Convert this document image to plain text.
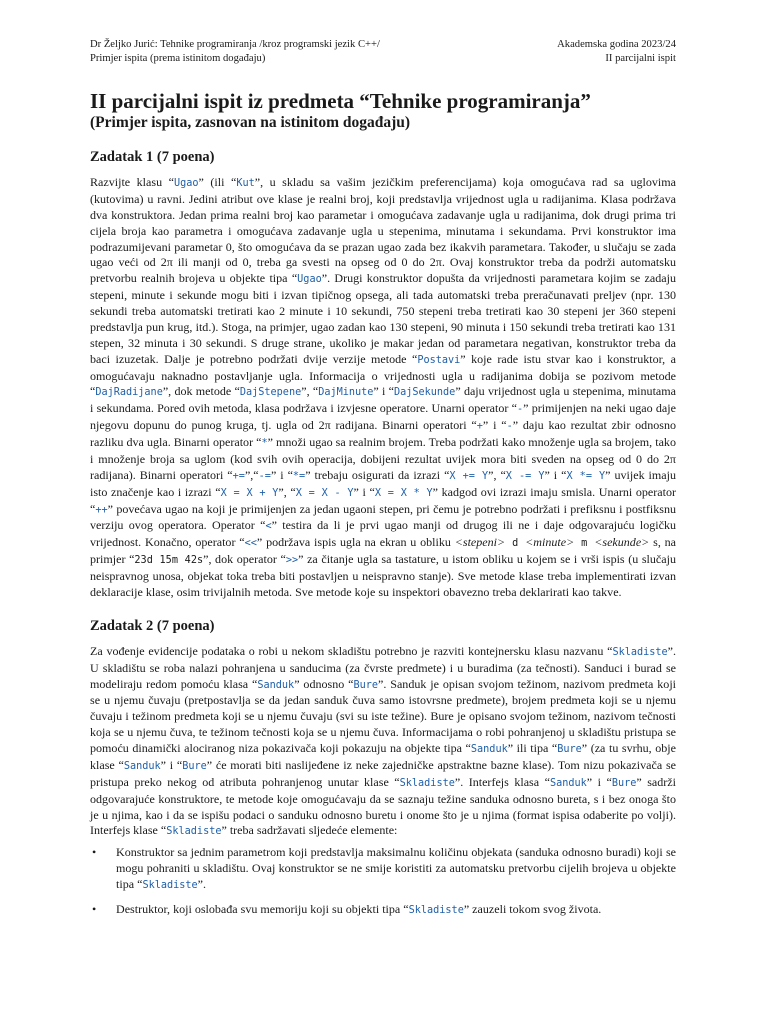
Dr Željko Jurić: Tehnike programiranja /kroz programski jezik C++/
Primjer ispita (prema istinitom događaju)
Akademska godina 2023/24
II parcijalni ispit
II parcijalni ispit iz predmeta “Tehnike programiranja”
(Primjer ispita, zasnovan na istinitom događaju)
Zadatak 1 (7 poena)

Razvijte klasu “Ugao” (ili “Kut”, u skladu sa vašim jezičkim preferencijama) koja omogućava rad sa uglovima (kutovima) u ravni. Jedini atribut ove klase je realni broj, koji predstavlja vrijednost ugla u radijanima. Klasa podržava dva konstruktora. Jedan prima realni broj kao parametar i omogućava zadavanje ugla u radijanima, dok drugi prima tri cijela broja kao parametra i omogućava zadavanje ugla u stepenima, minutama i sekundama. Prvi konstruktor ima podrazumijevani parametar 0, što omogućava da se prazan ugao zada bez ikakvih parametara. Također, u slučaju se zada ugao veći od 2π ili manji od 0, treba ga svesti na opseg od 0 do 2π. Ovaj konstruktor treba da podrži automatsku pretvorbu realnih brojeva u objekte tipa “Ugao”. Drugi konstruktor dopušta da vrijednosti parametara kojim se zadaju stepeni, minute i sekunde mogu biti i izvan tipičnog opsega, ali tada automatski treba preračunavati preljev (npr. 130 sekundi treba automatski tretirati kao 2 minute i 10 sekundi, 750 stepeni treba tretirati kao 30 stepeni jer 360 stepeni predstavlja pun krug, itd.). Stoga, na primjer, ugao zadan kao 130 stepeni, 90 minuta i 150 sekundi treba tretirati kao 131 stepen, 32 minuta i 30 sekundi. S druge strane, ukoliko je makar jedan od parametara negativan, konstruktor treba da baci izuzetak. Dalje je potrebno podržati dvije verzije metode “Postavi” koje rade istu stvar kao i konstruktor, a omogućavaju naknadno postavljanje ugla. Informacija o vrijednosti ugla u radijanima dobija se pozivom metode “DajRadijane”, dok metode “DajStepene”, “DajMinute” i “DajSekunde” daju vrijednost ugla u stepenima, minutama i sekundama. Pored ovih metoda, klasa podržava i izvjesne operatore. Unarni operator “-” primijenjen na neki ugao daje njegovu dopunu do punog kruga, tj. ugla od 2π radijana. Binarni operatori “+” i “-” daju kao rezultat zbir odnosno razliku dva ugla. Binarni operator “*” množi ugao sa realnim brojem. Treba podržati kako množenje ugla sa brojem, tako i množenje broja sa uglom (kod svih ovih operacija, dobijeni rezultat uvijek mora biti sveden na opseg od 0 do 2π radijana). Binarni operatori “+=”,“-=” i “*=” trebaju osigurati da izrazi “X += Y”, “X -= Y” i “X *= Y” uvijek imaju isto značenje kao i izrazi “X = X + Y”, “X = X - Y” i “X = X * Y” kadgod ovi izrazi imaju smisla. Unarni operator “++” povećava ugao na koji je primijenjen za jedan ugaoni stepen, pri čemu je potrebno podržati i prefiksnu i postfiksnu verziju ovog operatora. Operator “<” testira da li je prvi ugao manji od drugog ili ne i daje odgovarajuću logičku vrijednost. Konačno, operator “<<” podržava ispis ugla na ekran u obliku <stepeni> d <minute> m <sekunde> s, na primjer “23d 15m 42s”, dok operator “>>” za čitanje ugla sa tastature, u istom obliku u kojem se i vrši ispis (u slučaju neispravnog unosa, objekat toka treba biti postavljen u neispravno stanje). Sve metode klase treba implementirati izvan deklaracije klase, osim trivijalnih metoda. Sve metode koje su inspektori obavezno treba deklarirati kao takve.

Zadatak 2 (7 poena)

Za vođenje evidencije podataka o robi u nekom skladištu potrebno je razviti kontejnersku klasu nazvanu “Skladiste”. U skladištu se roba nalazi pohranjena u sanducima (za čvrste predmete) i u buradima (za tečnosti). Sanduci i burad se modeliraju redom pomoću klasa “Sanduk” odnosno “Bure”. Sanduk je opisan svojom težinom, nazivom predmeta koji se u njemu čuvaju (pretpostavlja se da jedan sanduk čuva samo istovrsne predmete), brojem predmeta koji se u njemu čuvaju i težinom predmeta koji se u njemu čuvaju (svi su iste težine). Bure je opisano svojom težinom, nazivom tečnosti koja se u njemu čuva, te težinom tečnosti koja se u njemu čuva. Informacijama o robi pohranjenoj u skladištu pristupa se pomoću dinamički alociranog niza pokazivača koji pokazuju na objekte tipa “Sanduk” ili tipa “Bure” (za tu svrhu, obje klase “Sanduk” i “Bure” će morati biti naslijeđene iz neke zajedničke apstraktne bazne klase). Tom nizu pokazivača se pristupa preko nekog od atributa pohranjenog unutar klase “Skladiste”. Interfejs klasa “Sanduk” i “Bure” sadrži odgovarajuće konstruktore, te metode koje omogućavaju da se saznaju težine sanduka odnosno bureta, s i bez onoga što je u njima, kao i da se ispišu podaci o sanduku odnosno buretu i onome što je u njima (format ispisa odaberite po volji). Interfejs klase “Skladiste” treba sadržavati sljedeće elemente:

• Konstruktor sa jednim parametrom koji predstavlja maksimalnu količinu objekata (sanduka odnosno buradi) koji se mogu pohraniti u skladištu. Ovaj konstruktor se ne smije koristiti za automatsku pretvorbu cijelih brojeva u objekte tipa “Skladiste”.
• Destruktor, koji oslobađa svu memoriju koji su objekti tipa “Skladiste” zauzeli tokom svog života.
